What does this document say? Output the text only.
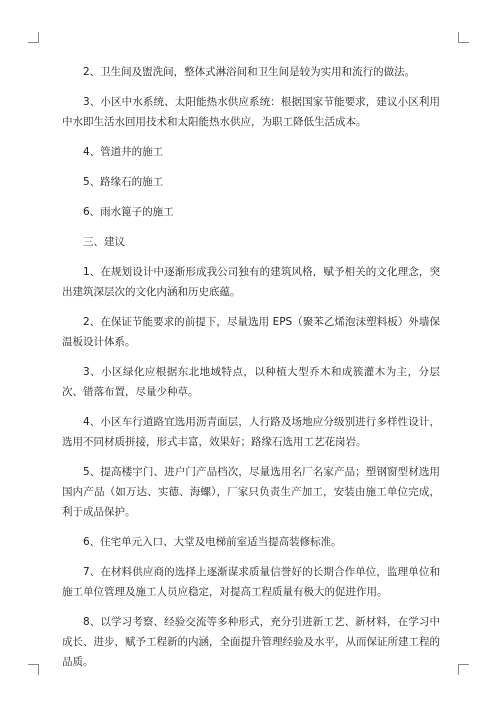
2、卫生间及盥洗间，整体式淋浴间和卫生间是较为实用和流行的做法。

3、小区中水系统、太阳能热水供应系统：根据国家节能要求，建议小区利用中水即生活水回用技术和太阳能热水供应，为职工降低生活成本。

4、管道井的施工

5、路缘石的施工

6、雨水篦子的施工

三、建议

1、在规划设计中逐渐形成我公司独有的建筑风格，赋予相关的文化理念，突出建筑深层次的文化内涵和历史底蕴。

2、在保证节能要求的前提下，尽量选用 EPS（聚苯乙烯泡沫塑料板）外墙保温板设计体系。

3、小区绿化应根据东北地域特点，以种植大型乔木和成簇灌木为主，分层次、错落布置，尽量少种草。

4、小区车行道路宜选用沥青面层，人行路及场地应分级别进行多样性设计，选用不同材质拼接，形式丰富，效果好；路缘石选用工艺花岗岩。

5、提高楼宇门、进户门产品档次，尽量选用名厂名家产品；塑钢窗型材选用国内产品（如万达、实德、海螺），厂家只负责生产加工，安装由施工单位完成，利于成品保护。

6、住宅单元入口、大堂及电梯前室适当提高装修标准。

7、在材料供应商的选择上逐渐谋求质量信誉好的长期合作单位，监理单位和施工单位管理及施工人员应稳定，对提高工程质量有极大的促进作用。

8、以学习考察、经验交流等多种形式，充分引进新工艺、新材料，在学习中成长、进步，赋予工程新的内涵，全面提升管理经验及水平，从而保证所建工程的品质。
